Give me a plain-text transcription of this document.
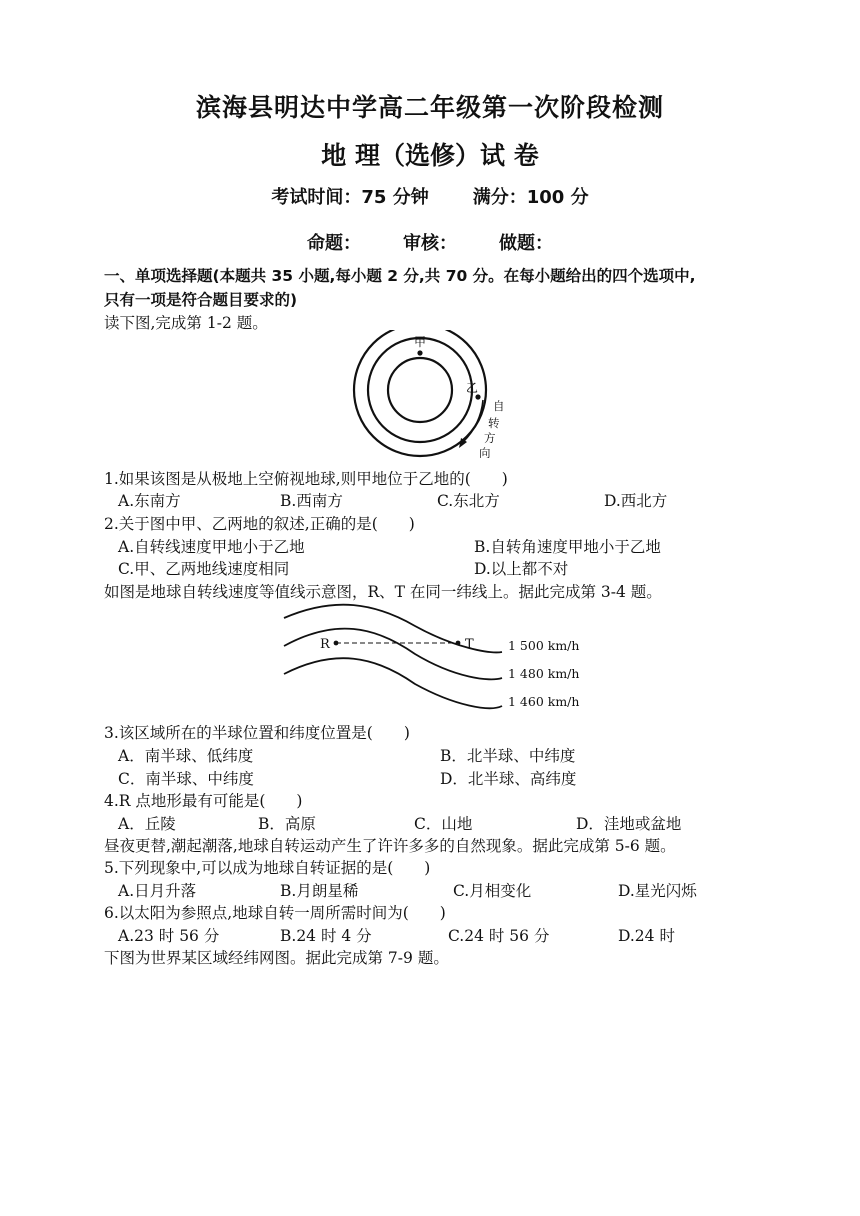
滨海县明达中学高二年级第一次阶段检测
地 理（选修）试 卷
考试时间：75 分钟 满分：100 分
命题： 审核： 做题：
一、单项选择题(本题共 35 小题,每小题 2 分,共 70 分。在每小题给出的四个选项中,
只有一项是符合题目要求的)
读下图,完成第 1-2 题。
甲
乙
自
转
方
向
1.如果该图是从极地上空俯视地球,则甲地位于乙地的(　　)
A.东南方	B.西南方	C.东北方	D.西北方
2.关于图中甲、乙两地的叙述,正确的是(　　)
A.自转线速度甲地小于乙地	B.自转角速度甲地小于乙地
C.甲、乙两地线速度相同	D.以上都不对
如图是地球自转线速度等值线示意图，R、T 在同一纬线上。据此完成第 3-4 题。
R	T	1 500 km/h
1 480 km/h
1 460 km/h
3.该区域所在的半球位置和纬度位置是(　　)
A．南半球、低纬度	B．北半球、中纬度
C．南半球、中纬度	D．北半球、高纬度
4.R 点地形最有可能是(　　)
A．丘陵	B．高原	C．山地	D．洼地或盆地
昼夜更替,潮起潮落,地球自转运动产生了许许多多的自然现象。据此完成第 5-6 题。
5.下列现象中,可以成为地球自转证据的是(　　)
A.日月升落	B.月朗星稀	C.月相变化	D.星光闪烁
6.以太阳为参照点,地球自转一周所需时间为(　　)
A.23 时 56 分	B.24 时 4 分	C.24 时 56 分	D.24 时
下图为世界某区域经纬网图。据此完成第 7-9 题。
